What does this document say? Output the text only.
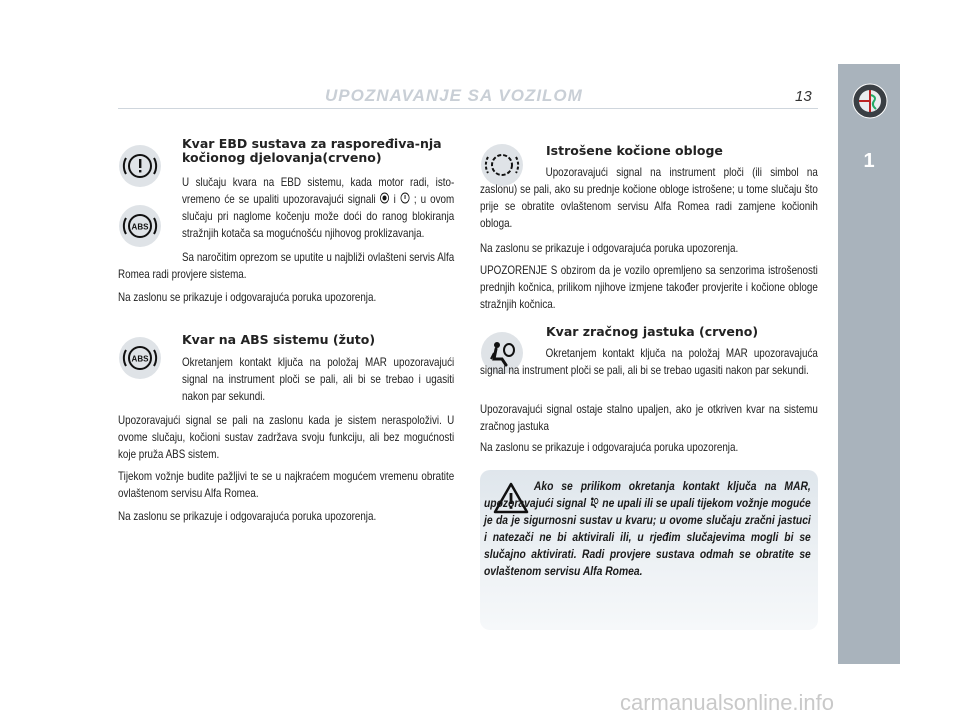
UPOZNAVANJE SA VOZILOM	13
1
ABS
Kvar EBD sustava za raspoređiva-nja kočionog djelovanja(crveno)
U slučaju kvara na EBD sistemu, kada motor radi, isto-vremeno će se upaliti upozoravajući signali i ; u ovom slučaju pri naglome kočenju može doći do ranog blokiranja stražnjih kotača sa mogućnošću njihovog proklizavanja.
Sa naročitim oprezom se uputite u najbliži ovlašteni servis Alfa Romea radi provjere sistema.
Na zaslonu se prikazuje i odgovarajuća poruka upozorenja.
ABS
Kvar na ABS sistemu (žuto)
Okretanjem kontakt ključa na položaj MAR upozoravajući signal na instrument ploči se pali, ali bi se trebao i ugasiti nakon par sekundi.
Upozoravajući signal se pali na zaslonu kada je sistem neraspoloživi. U ovome slučaju, kočioni sustav zadržava svoju funkciju, ali bez mogućnosti koje pruža ABS sistem.
Tijekom vožnje budite pažljivi te se u najkraćem mogućem vremenu obratite ovlaštenom servisu Alfa Romea.
Na zaslonu se prikazuje i odgovarajuća poruka upozorenja.
Istrošene kočione obloge
Upozoravajući signal na instrument ploči (ili simbol na zaslonu) se pali, ako su prednje kočione obloge istrošene; u tome slučaju što prije se obratite ovlaštenom servisu Alfa Romea radi zamjene kočionih obloga.
Na zaslonu se prikazuje i odgovarajuća poruka upozorenja.
UPOZORENJE S obzirom da je vozilo opremljeno sa senzorima istrošenosti prednjih kočnica, prilikom njihove izmjene također provjerite i kočione obloge stražnjih kočnica.
Kvar zračnog jastuka (crveno)
Okretanjem kontakt ključa na položaj MAR upozoravajuća signal na instrument ploči se pali, ali bi se trebao ugasiti nakon par sekundi.
Upozoravajući signal ostaje stalno upaljen, ako je otkriven kvar na sistemu zračnog jastuka
Na zaslonu se prikazuje i odgovarajuća poruka upozorenja.
Ako se prilikom okretanja kontakt ključa na MAR, upozoravajući signal ne upali ili se upali tijekom vožnje moguće je da je sigurnosni sustav u kvaru; u ovome slučaju zračni jastuci i natezači ne bi aktivirali ili, u rjeđim slučajevima mogli bi se slučajno aktivirati. Radi provjere sustava odmah se obratite se ovlaštenom servisu Alfa Romea.
carmanualsonline.info
